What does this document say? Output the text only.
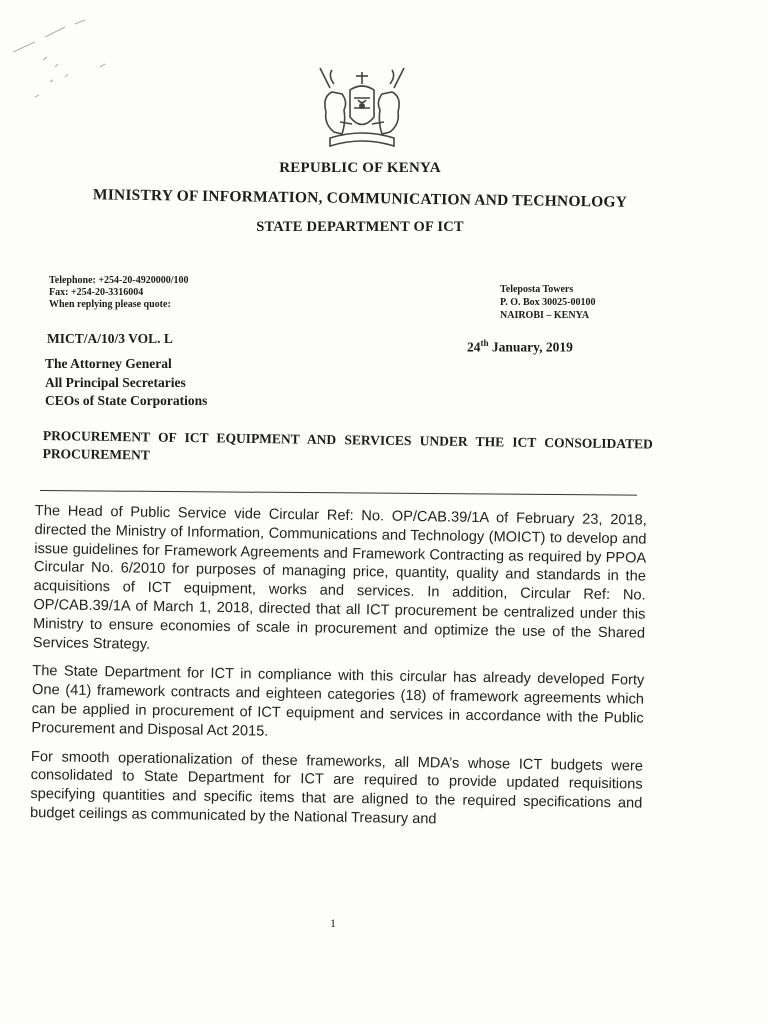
REPUBLIC OF KENYA
MINISTRY OF INFORMATION, COMMUNICATION AND TECHNOLOGY
STATE DEPARTMENT OF ICT
Telephone: +254-20-4920000/100
Fax: +254-20-3316004
When replying please quote:
Teleposta Towers
P. O. Box 30025-00100
NAIROBI – KENYA
MICT/A/10/3 VOL. L
24th January, 2019
The Attorney General
All Principal Secretaries
CEOs of State Corporations
PROCUREMENT OF ICT EQUIPMENT AND SERVICES UNDER THE ICT CONSOLIDATED PROCUREMENT

The Head of Public Service vide Circular Ref: No. OP/CAB.39/1A of February 23, 2018, directed the Ministry of Information, Communications and Technology (MOICT) to develop and issue guidelines for Framework Agreements and Framework Contracting as required by PPOA Circular No. 6/2010 for purposes of managing price, quantity, quality and standards in the acquisitions of ICT equipment, works and services. In addition, Circular Ref: No. OP/CAB.39/1A of March 1, 2018, directed that all ICT procurement be centralized under this Ministry to ensure economies of scale in procurement and optimize the use of the Shared Services Strategy.

The State Department for ICT in compliance with this circular has already developed Forty One (41) framework contracts and eighteen categories (18) of framework agreements which can be applied in procurement of ICT equipment and services in accordance with the Public Procurement and Disposal Act 2015.

For smooth operationalization of these frameworks, all MDA’s whose ICT budgets were consolidated to State Department for ICT are required to provide updated requisitions specifying quantities and specific items that are aligned to the required specifications and budget ceilings as communicated by the National Treasury and

1
